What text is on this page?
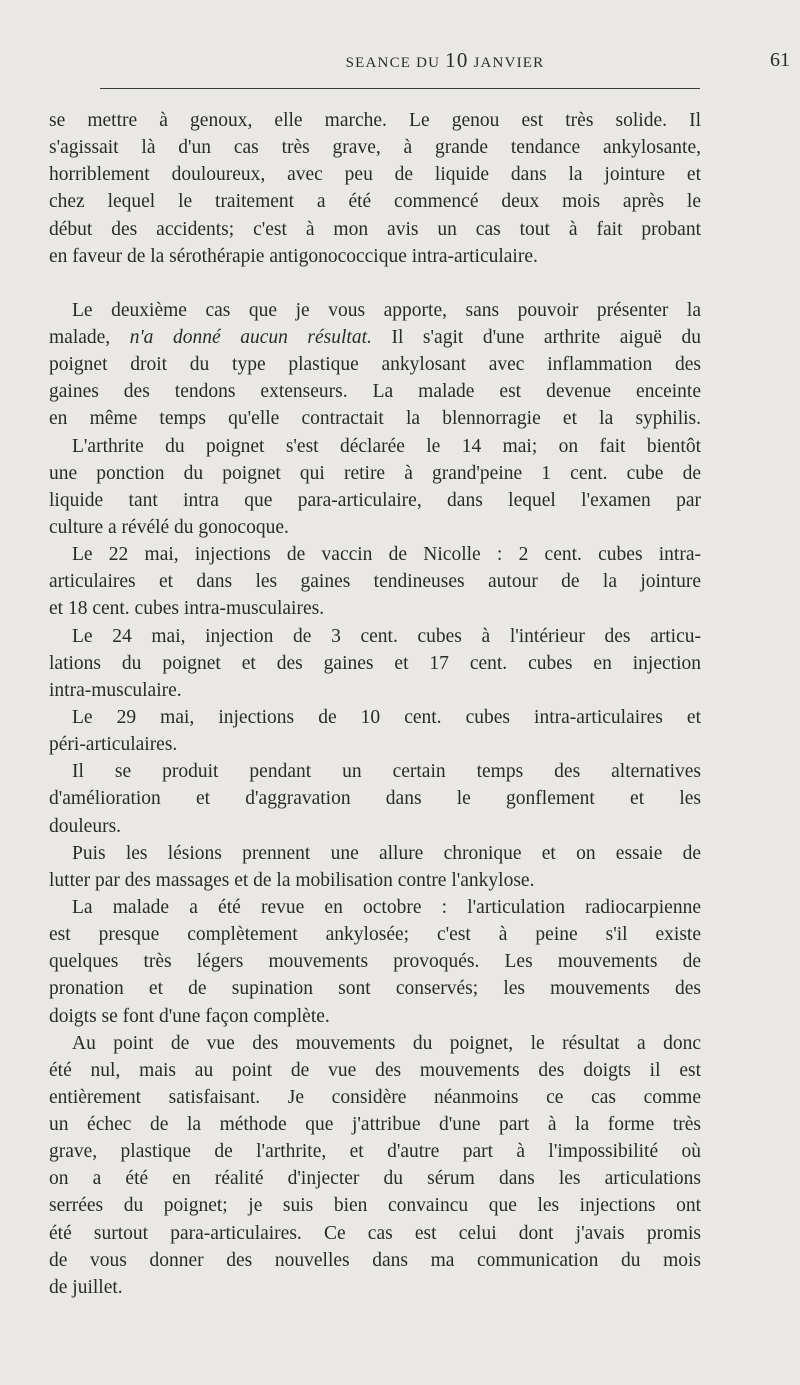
SEANCE DU 10 JANVIER	61
se mettre à genoux, elle marche. Le genou est très solide. Il
s'agissait là d'un cas très grave, à grande tendance ankylosante,
horriblement douloureux, avec peu de liquide dans la jointure et
chez lequel le traitement a été commencé deux mois après le
début des accidents; c'est à mon avis un cas tout à fait probant
en faveur de la sérothérapie antigonococcique intra-articulaire.
Le deuxième cas que je vous apporte, sans pouvoir présenter la
malade, n'a donné aucun résultat. Il s'agit d'une arthrite aiguë du
poignet droit du type plastique ankylosant avec inflammation des
gaines des tendons extenseurs. La malade est devenue enceinte
en même temps qu'elle contractait la blennorragie et la syphilis.
L'arthrite du poignet s'est déclarée le 14 mai; on fait bientôt
une ponction du poignet qui retire à grand'peine 1 cent. cube de
liquide tant intra que para-articulaire, dans lequel l'examen par
culture a révélé du gonocoque.
Le 22 mai, injections de vaccin de Nicolle : 2 cent. cubes intra-
articulaires et dans les gaines tendineuses autour de la jointure
et 18 cent. cubes intra-musculaires.
Le 24 mai, injection de 3 cent. cubes à l'intérieur des articu-
lations du poignet et des gaines et 17 cent. cubes en injection
intra-musculaire.
Le 29 mai, injections de 10 cent. cubes intra-articulaires et
péri-articulaires.
Il se produit pendant un certain temps des alternatives
d'amélioration et d'aggravation dans le gonflement et les
douleurs.
Puis les lésions prennent une allure chronique et on essaie de
lutter par des massages et de la mobilisation contre l'ankylose.
La malade a été revue en octobre : l'articulation radiocarpienne
est presque complètement ankylosée; c'est à peine s'il existe
quelques très légers mouvements provoqués. Les mouvements de
pronation et de supination sont conservés; les mouvements des
doigts se font d'une façon complète.
Au point de vue des mouvements du poignet, le résultat a donc
été nul, mais au point de vue des mouvements des doigts il est
entièrement satisfaisant. Je considère néanmoins ce cas comme
un échec de la méthode que j'attribue d'une part à la forme très
grave, plastique de l'arthrite, et d'autre part à l'impossibilité où
on a été en réalité d'injecter du sérum dans les articulations
serrées du poignet; je suis bien convaincu que les injections ont
été surtout para-articulaires. Ce cas est celui dont j'avais promis
de vous donner des nouvelles dans ma communication du mois
de juillet.
